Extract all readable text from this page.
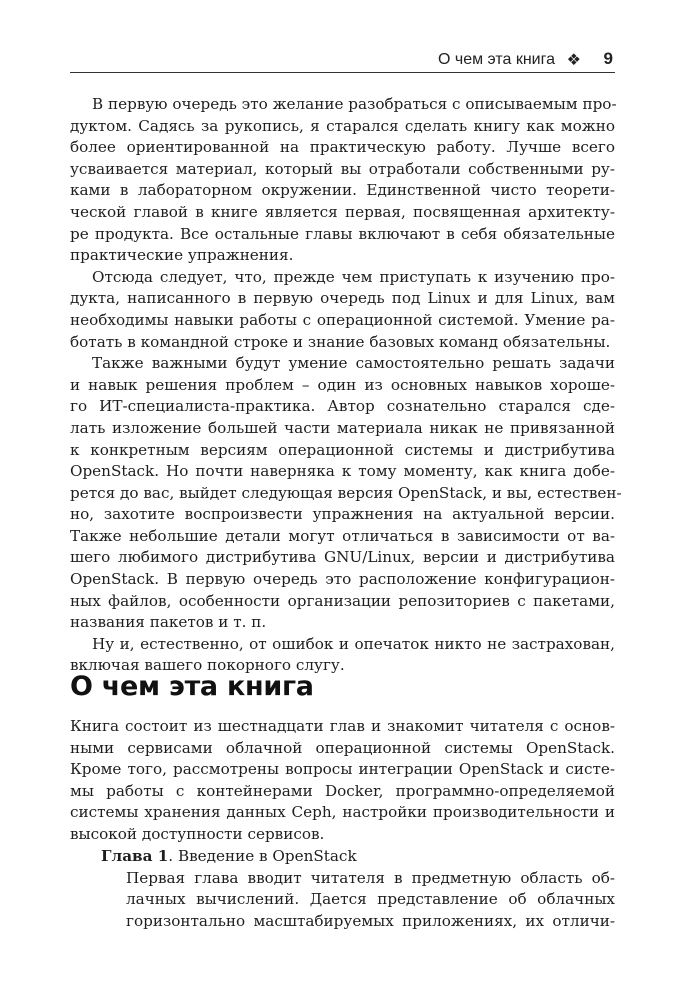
О чем эта книга ❖ 9

В первую очередь это желание разобраться с описываемым про-
дуктом. Садясь за рукопись, я старался сделать книгу как можно
более ориентированной на практическую работу. Лучше всего
усваивается материал, который вы отработали собственными ру-
ками в лабораторном окружении. Единственной чисто теорети-
ческой главой в книге является первая, посвященная архитекту-
ре продукта. Все остальные главы включают в себя обязательные
практические упражнения.

Отсюда следует, что, прежде чем приступать к изучению про-
дукта, написанного в первую очередь под Linux и для Linux, вам
необходимы навыки работы с операционной системой. Умение ра-
ботать в командной строке и знание базовых команд обязательны.

Также важными будут умение самостоятельно решать задачи
и навык решения проблем – один из основных навыков хороше-
го ИТ-специалиста-практика. Автор сознательно старался сде-
лать изложение большей части материала никак не привязанной
к конкретным версиям операционной системы и дистрибутива
OpenStack. Но почти наверняка к тому моменту, как книга добе-
рется до вас, выйдет следующая версия OpenStack, и вы, естествен-
но, захотите воспроизвести упражнения на актуальной версии.
Также небольшие детали могут отличаться в зависимости от ва-
шего любимого дистрибутива GNU/Linux, версии и дистрибутива
OpenStack. В первую очередь это расположение конфигурацион-
ных файлов, особенности организации репозиториев с пакетами,
названия пакетов и т. п.

Ну и, естественно, от ошибок и опечаток никто не застрахован,
включая вашего покорного слугу.

О чем эта книга
Книга состоит из шестнадцати глав и знакомит читателя с основ-
ными сервисами облачной операционной системы OpenStack.
Кроме того, рассмотрены вопросы интеграции OpenStack и систе-
мы работы с контейнерами Docker, программно-определяемой
системы хранения данных Ceph, настройки производительности и
высокой доступности сервисов.
Глава 1. Введение в OpenStack
Первая глава вводит читателя в предметную область об-
лачных вычислений. Дается представление об облачных
горизонтально масштабируемых приложениях, их отличи-
